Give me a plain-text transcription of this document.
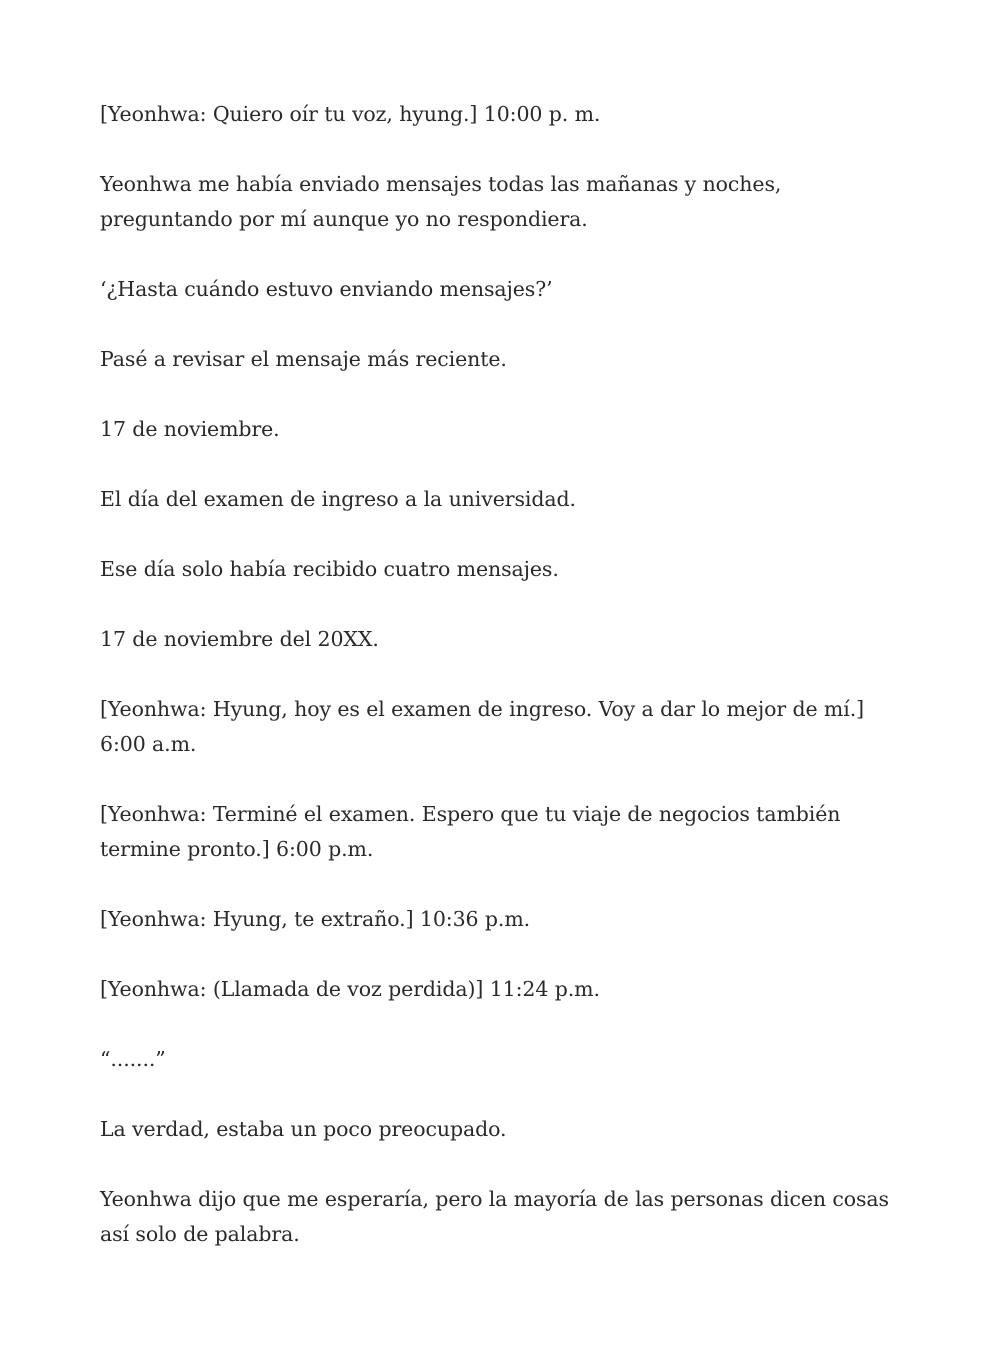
[Yeonhwa: Quiero oír tu voz, hyung.] 10:00 p. m.

Yeonhwa me había enviado mensajes todas las mañanas y noches, preguntando por mí aunque yo no respondiera.

‘¿Hasta cuándo estuvo enviando mensajes?’

Pasé a revisar el mensaje más reciente.

17 de noviembre.

El día del examen de ingreso a la universidad.

Ese día solo había recibido cuatro mensajes.

17 de noviembre del 20XX.

[Yeonhwa: Hyung, hoy es el examen de ingreso. Voy a dar lo mejor de mí.] 6:00 a.m.

[Yeonhwa: Terminé el examen. Espero que tu viaje de negocios también termine pronto.] 6:00 p.m.

[Yeonhwa: Hyung, te extraño.] 10:36 p.m.

[Yeonhwa: (Llamada de voz perdida)] 11:24 p.m.

“.......”

La verdad, estaba un poco preocupado.

Yeonhwa dijo que me esperaría, pero la mayoría de las personas dicen cosas así solo de palabra.
